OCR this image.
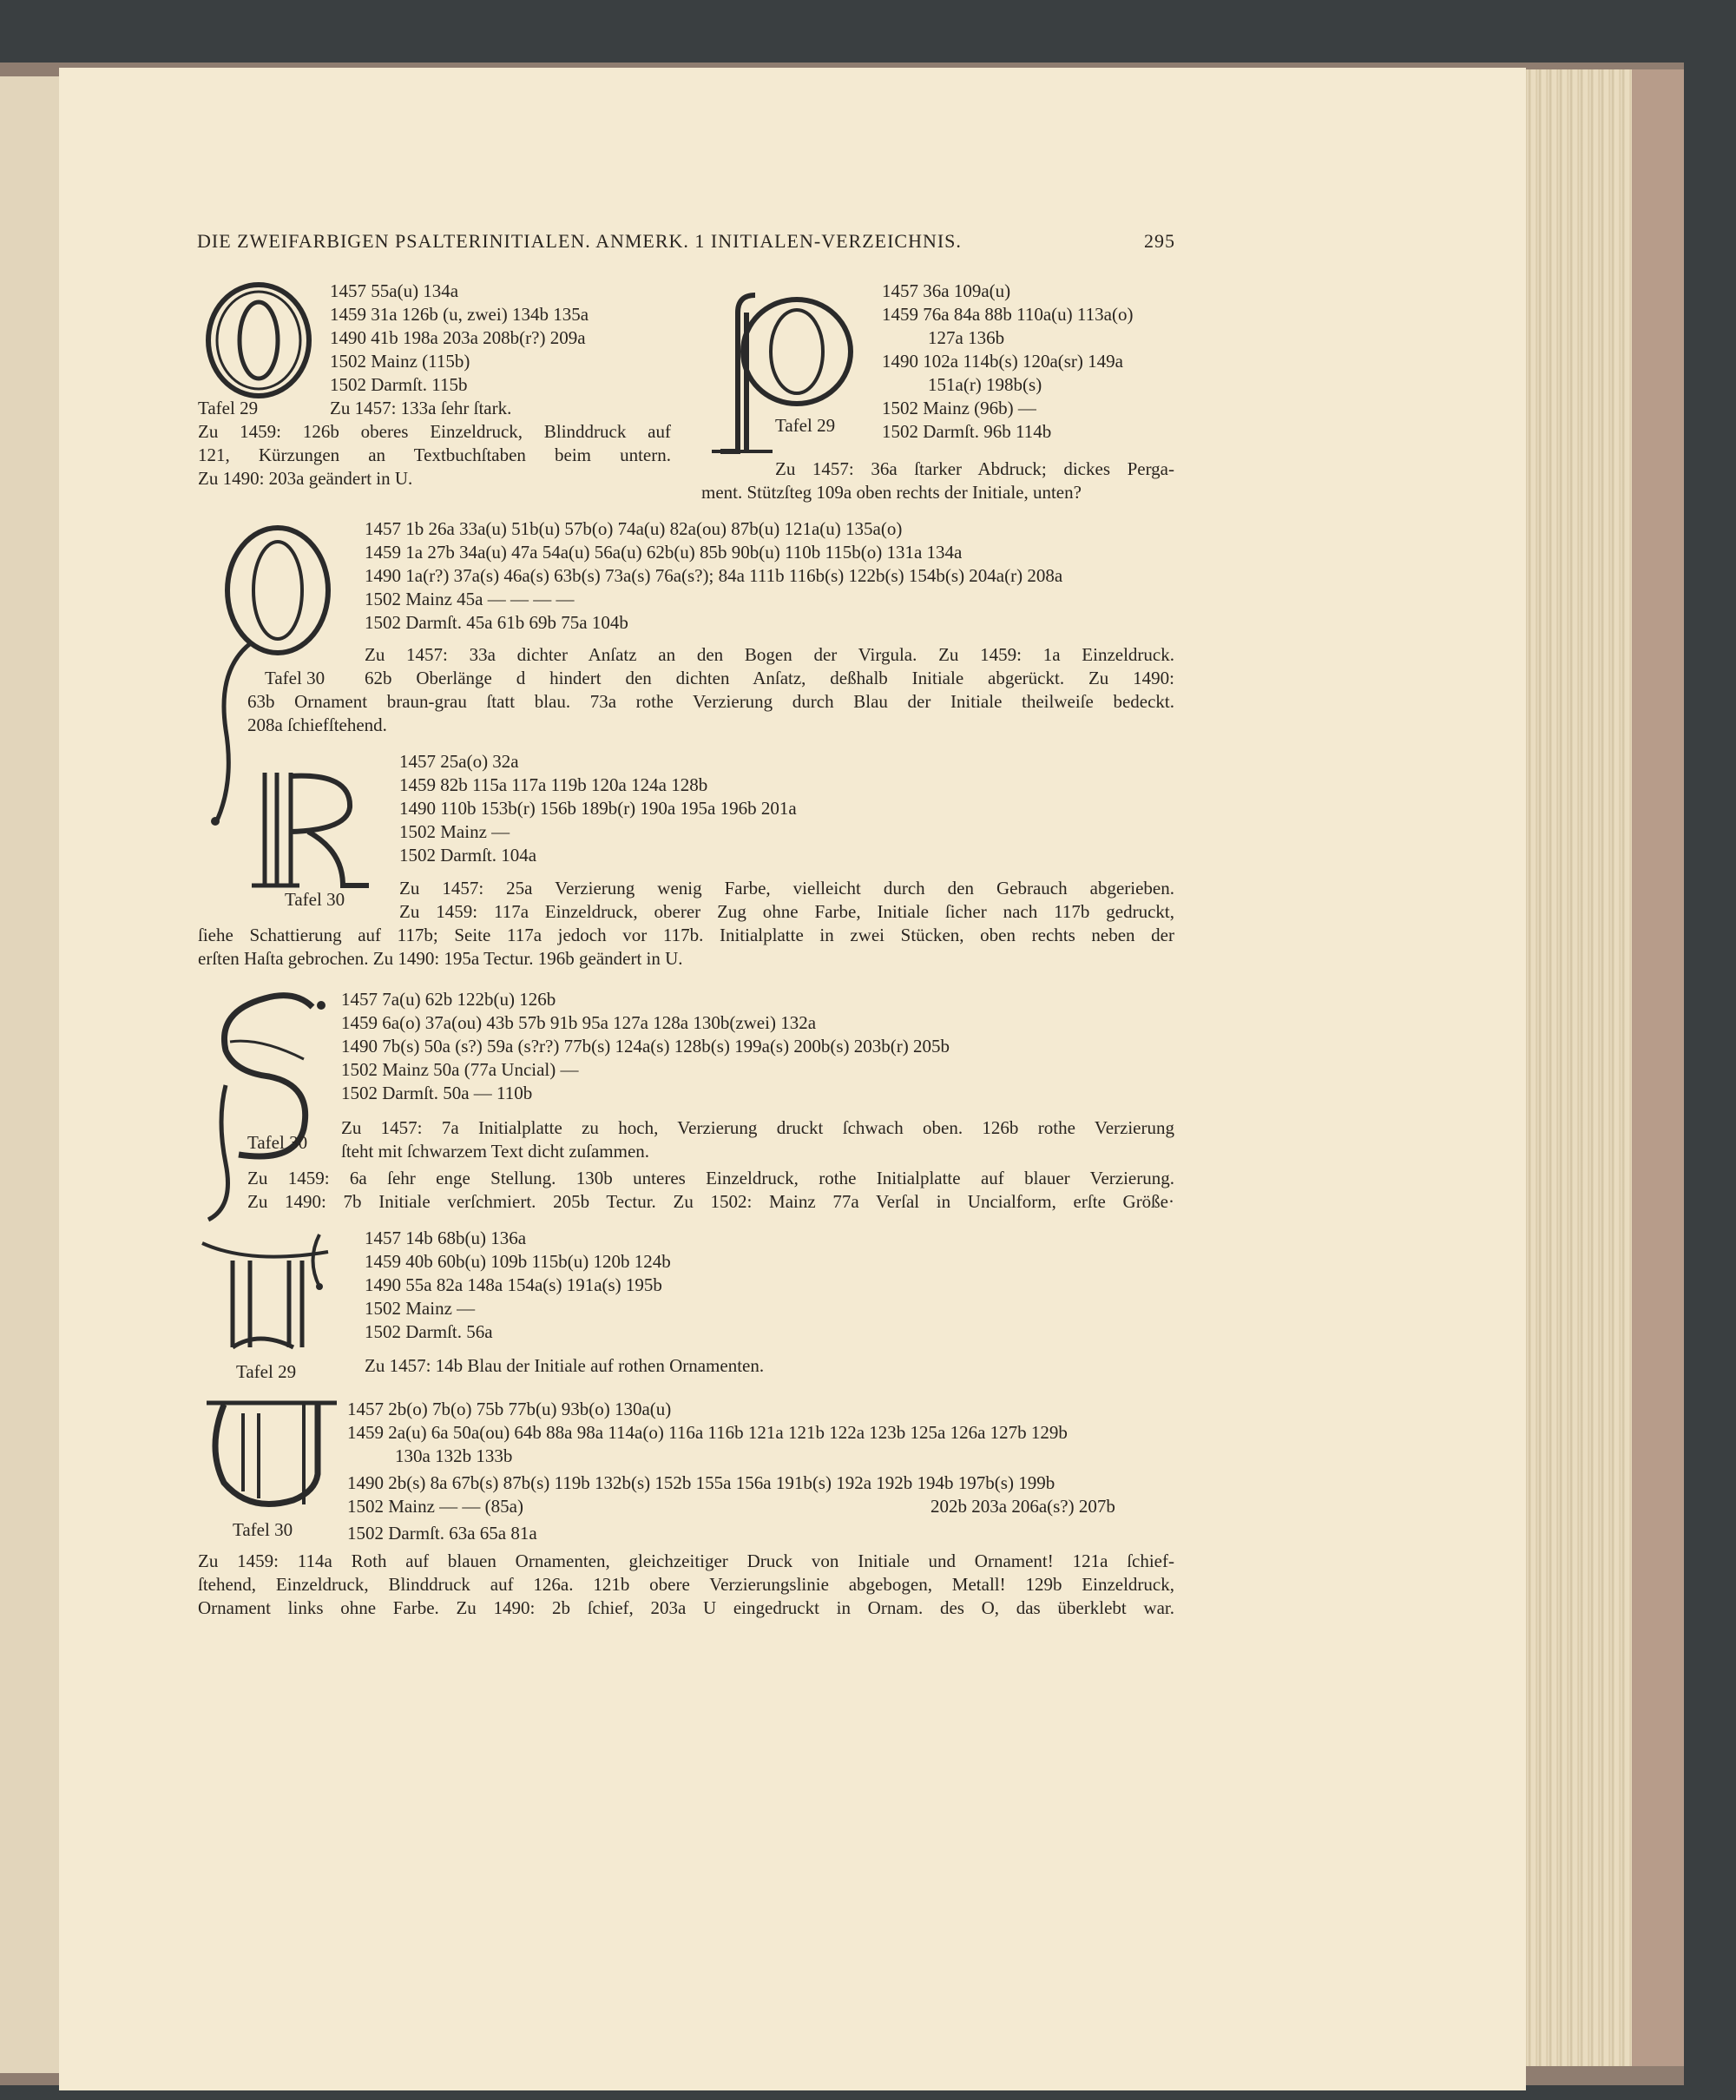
DIE ZWEIFARBIGEN PSALTERINITIALEN. ANMERK. 1 INITIALEN-VERZEICHNIS.	295

1457 55a(u) 134a

1459 31a 126b (u, zwei) 134b 135a

1490 41b 198a 203a 208b(r?) 209a

1502 Mainz (115b)

1502 Darmſt. 115b

Tafel 29	Zu 1457: 133a ſehr ſtark.

Zu 1459: 126b oberes Einzeldruck, Blinddruck auf

121, Kürzungen an Textbuchſtaben beim untern.

Zu 1490: 203a geändert in U.

Tafel 29

1457 36a 109a(u)

1459 76a 84a 88b 110a(u) 113a(o)

127a 136b

1490 102a 114b(s) 120a(sr) 149a

151a(r) 198b(s)

1502 Mainz (96b) —

1502 Darmſt. 96b 114b

Zu 1457: 36a ſtarker Abdruck; dickes Perga-

ment. Stützſteg 109a oben rechts der Initiale, unten?

1457 1b 26a 33a(u) 51b(u) 57b(o) 74a(u) 82a(ou) 87b(u) 121a(u) 135a(o)

1459 1a 27b 34a(u) 47a 54a(u) 56a(u) 62b(u) 85b 90b(u) 110b 115b(o) 131a 134a

1490 1a(r?) 37a(s) 46a(s) 63b(s) 73a(s) 76a(s?); 84a 111b 116b(s) 122b(s) 154b(s) 204a(r) 208a

1502 Mainz 45a — — — —

1502 Darmſt. 45a 61b 69b 75a 104b

Zu 1457: 33a dichter Anſatz an den Bogen der Virgula. Zu 1459: 1a Einzeldruck.

Tafel 30 62b Oberlänge d hindert den dichten Anſatz, deßhalb Initiale abgerückt. Zu 1490:

63b Ornament braun-grau ſtatt blau. 73a rothe Verzierung durch Blau der Initiale theilweiſe bedeckt.

208a ſchiefſtehend.

1457 25a(o) 32a

1459 82b 115a 117a 119b 120a 124a 128b

1490 110b 153b(r) 156b 189b(r) 190a 195a 196b 201a

1502 Mainz —

1502 Darmſt. 104a

Zu 1457: 25a Verzierung wenig Farbe, vielleicht durch den Gebrauch abgerieben.

Tafel 30

Zu 1459: 117a Einzeldruck, oberer Zug ohne Farbe, Initiale ſicher nach 117b gedruckt,

ſiehe Schattierung auf 117b; Seite 117a jedoch vor 117b. Initialplatte in zwei Stücken, oben rechts neben der

erſten Haſta gebrochen. Zu 1490: 195a Tectur. 196b geändert in U.

1457 7a(u) 62b 122b(u) 126b

1459 6a(o) 37a(ou) 43b 57b 91b 95a 127a 128a 130b(zwei) 132a

1490 7b(s) 50a (s?) 59a (s?r?) 77b(s) 124a(s) 128b(s) 199a(s) 200b(s) 203b(r) 205b

1502 Mainz 50a (77a Uncial) —

1502 Darmſt. 50a — 110b

Zu 1457: 7a Initialplatte zu hoch, Verzierung druckt ſchwach oben. 126b rothe Verzierung

Tafel 30 ſteht mit ſchwarzem Text dicht zuſammen.

Zu 1459: 6a ſehr enge Stellung. 130b unteres Einzeldruck, rothe Initialplatte auf blauer Verzierung.

Zu 1490: 7b Initiale verſchmiert. 205b Tectur. Zu 1502: Mainz 77a Verſal in Uncialform, erſte Größe·

1457 14b 68b(u) 136a

1459 40b 60b(u) 109b 115b(u) 120b 124b

1490 55a 82a 148a 154a(s) 191a(s) 195b

1502 Mainz —

1502 Darmſt. 56a

Zu 1457: 14b Blau der Initiale auf rothen Ornamenten.

Tafel 29

1457 2b(o) 7b(o) 75b 77b(u) 93b(o) 130a(u)

1459 2a(u) 6a 50a(ou) 64b 88a 98a 114a(o) 116a 116b 121a 121b 122a 123b 125a 126a 127b 129b

130a 132b 133b

1490 2b(s) 8a 67b(s) 87b(s) 119b 132b(s) 152b 155a 156a 191b(s) 192a 192b 194b 197b(s) 199b

1502 Mainz — — (85a)	202b 203a 206a(s?) 207b

Tafel 30	1502 Darmſt. 63a 65a 81a

Zu 1459: 114a Roth auf blauen Ornamenten, gleichzeitiger Druck von Initiale und Ornament! 121a ſchief-

ſtehend, Einzeldruck, Blinddruck auf 126a. 121b obere Verzierungslinie abgebogen, Metall! 129b Einzeldruck,

Ornament links ohne Farbe. Zu 1490: 2b ſchief, 203a U eingedruckt in Ornam. des O, das überklebt war.
